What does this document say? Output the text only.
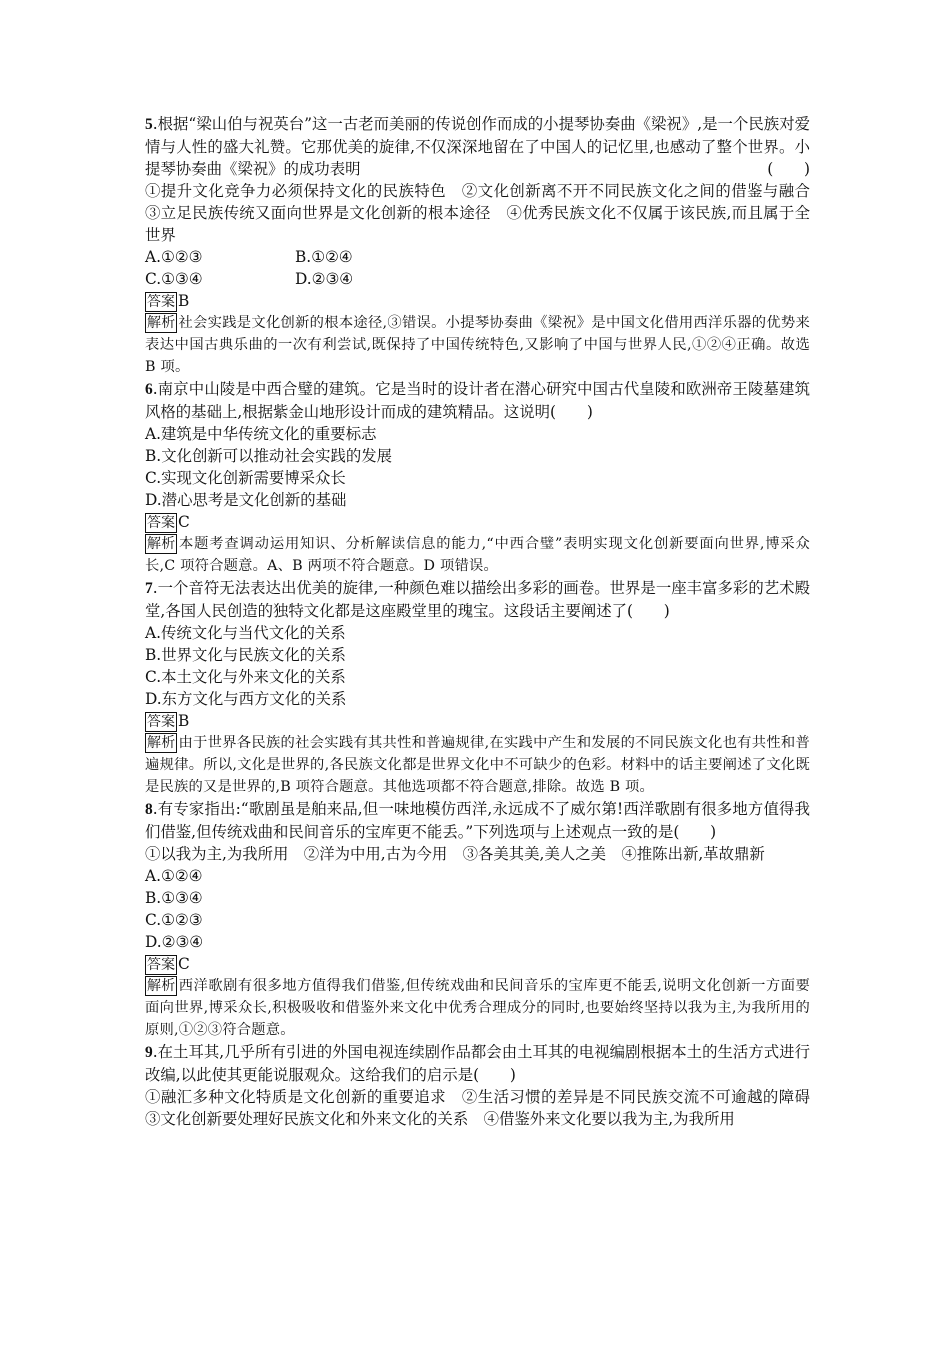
5.根据“梁山伯与祝英台”这一古老而美丽的传说创作而成的小提琴协奏曲《梁祝》,是一个民族对爱情与人性的盛大礼赞。它那优美的旋律,不仅深深地留在了中国人的记忆里,也感动了整个世界。小提琴协奏曲《梁祝》的成功表明	(　　)

①提升文化竞争力必须保持文化的民族特色　②文化创新离不开不同民族文化之间的借鉴与融合　③立足民族传统又面向世界是文化创新的根本途径　④优秀民族文化不仅属于该民族,而且属于全世界

A.①②③	B.①②④
C.①③④	D.②③④

答案 B

解析 社会实践是文化创新的根本途径,③错误。小提琴协奏曲《梁祝》是中国文化借用西洋乐器的优势来表达中国古典乐曲的一次有利尝试,既保持了中国传统特色,又影响了中国与世界人民,①②④正确。故选 B 项。

6.南京中山陵是中西合璧的建筑。它是当时的设计者在潜心研究中国古代皇陵和欧洲帝王陵墓建筑风格的基础上,根据紫金山地形设计而成的建筑精品。这说明(　　)

A.建筑是中华传统文化的重要标志

B.文化创新可以推动社会实践的发展

C.实现文化创新需要博采众长

D.潜心思考是文化创新的基础

答案 C

解析 本题考查调动运用知识、分析解读信息的能力,“中西合璧”表明实现文化创新要面向世界,博采众长,C 项符合题意。A、B 两项不符合题意。D 项错误。

7.一个音符无法表达出优美的旋律,一种颜色难以描绘出多彩的画卷。世界是一座丰富多彩的艺术殿堂,各国人民创造的独特文化都是这座殿堂里的瑰宝。这段话主要阐述了(　　)

A.传统文化与当代文化的关系

B.世界文化与民族文化的关系

C.本土文化与外来文化的关系

D.东方文化与西方文化的关系

答案 B

解析 由于世界各民族的社会实践有其共性和普遍规律,在实践中产生和发展的不同民族文化也有共性和普遍规律。所以,文化是世界的,各民族文化都是世界文化中不可缺少的色彩。材料中的话主要阐述了文化既是民族的又是世界的,B 项符合题意。其他选项都不符合题意,排除。故选 B 项。

8.有专家指出:“歌剧虽是舶来品,但一味地模仿西洋,永远成不了威尔第!西洋歌剧有很多地方值得我们借鉴,但传统戏曲和民间音乐的宝库更不能丢。”下列选项与上述观点一致的是(　　)

①以我为主,为我所用　②洋为中用,古为今用　③各美其美,美人之美　④推陈出新,革故鼎新

A.①②④

B.①③④

C.①②③

D.②③④

答案 C

解析 西洋歌剧有很多地方值得我们借鉴,但传统戏曲和民间音乐的宝库更不能丢,说明文化创新一方面要面向世界,博采众长,积极吸收和借鉴外来文化中优秀合理成分的同时,也要始终坚持以我为主,为我所用的原则,①②③符合题意。

9.在土耳其,几乎所有引进的外国电视连续剧作品都会由土耳其的电视编剧根据本土的生活方式进行改编,以此使其更能说服观众。这给我们的启示是(　　)

①融汇多种文化特质是文化创新的重要追求　②生活习惯的差异是不同民族交流不可逾越的障碍　③文化创新要处理好民族文化和外来文化的关系　④借鉴外来文化要以我为主,为我所用
